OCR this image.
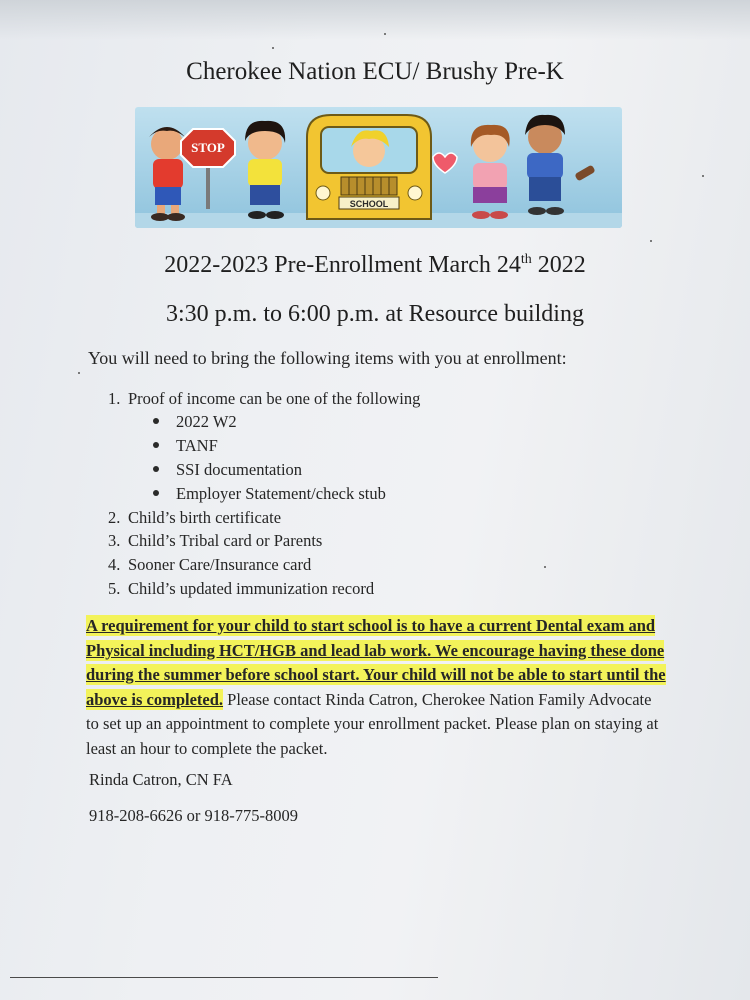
Cherokee Nation ECU/ Brushy Pre-K
STOP
SCHOOL
2022-2023 Pre-Enrollment March 24th 2022
3:30 p.m. to 6:00 p.m. at Resource building
You will need to bring the following items with you at enrollment:
1. Proof of income can be one of the following
2022 W2
TANF
SSI documentation
Employer Statement/check stub
2. Child’s birth certificate
3. Child’s Tribal card or Parents
4. Sooner Care/Insurance card
5. Child’s updated immunization record
A requirement for your child to start school is to have a current Dental exam and Physical including HCT/HGB and lead lab work. We encourage having these done during the summer before school start. Your child will not be able to start until the above is completed. Please contact Rinda Catron, Cherokee Nation Family Advocate to set up an appointment to complete your enrollment packet. Please plan on staying at least an hour to complete the packet.
Rinda Catron, CN FA
918-208-6626 or 918-775-8009
